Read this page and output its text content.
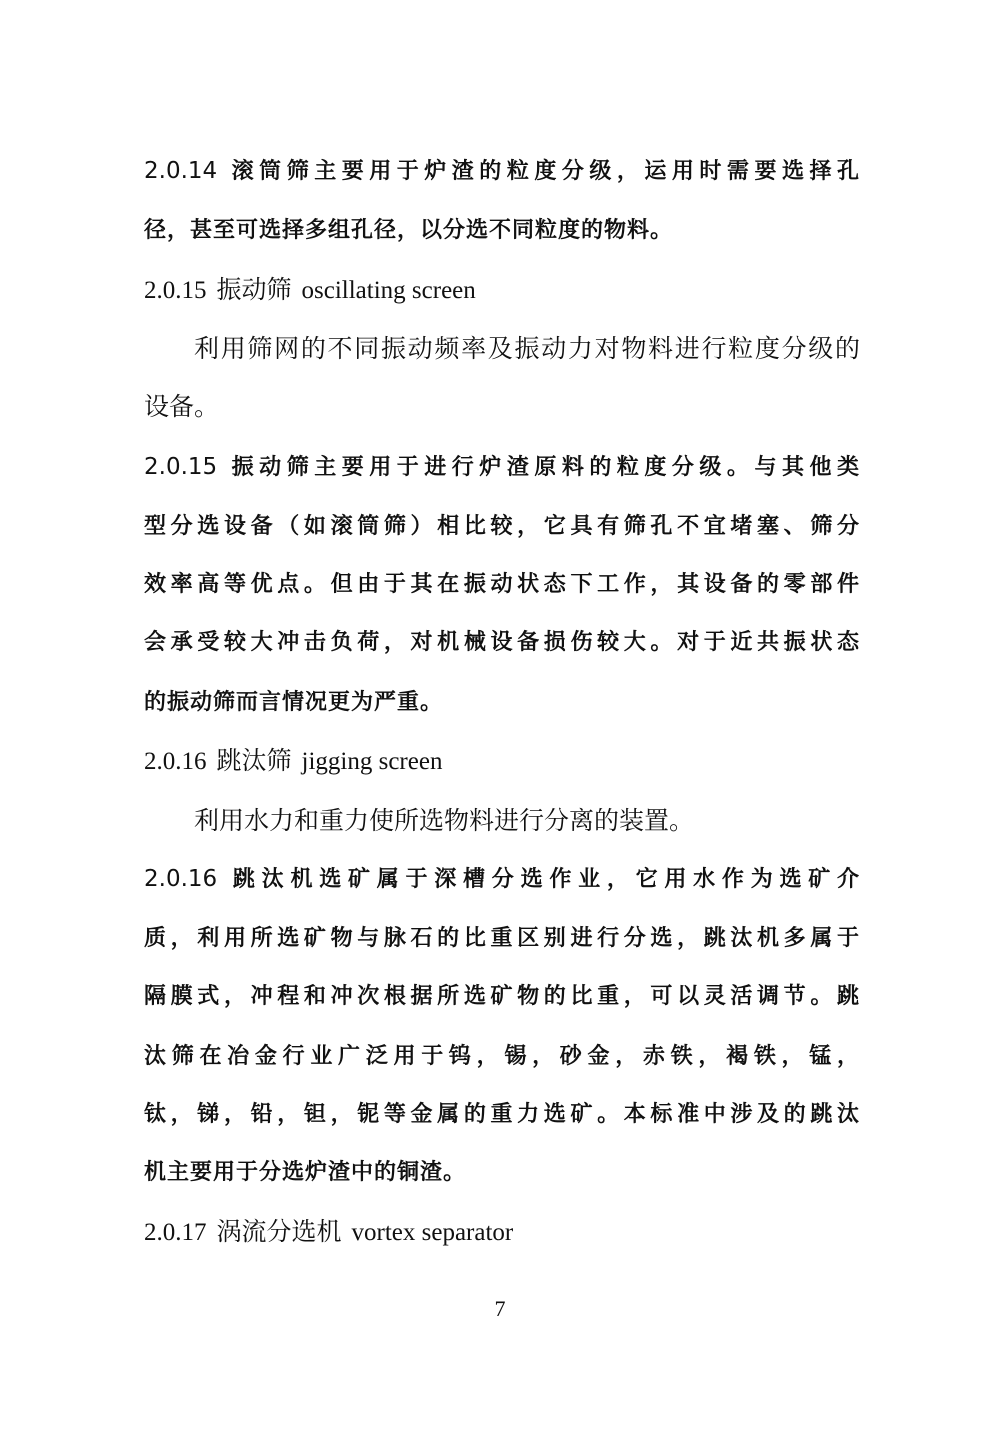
2.0.14 滚筒筛主要用于炉渣的粒度分级，运用时需要选择孔
径，甚至可选择多组孔径，以分选不同粒度的物料。
2.0.15 振动筛 oscillating screen
利用筛网的不同振动频率及振动力对物料进行粒度分级的
设备。
2.0.15 振动筛主要用于进行炉渣原料的粒度分级。与其他类
型分选设备（如滚筒筛）相比较，它具有筛孔不宜堵塞、筛分
效率高等优点。但由于其在振动状态下工作，其设备的零部件
会承受较大冲击负荷，对机械设备损伤较大。对于近共振状态
的振动筛而言情况更为严重。
2.0.16 跳汰筛 jigging screen
利用水力和重力使所选物料进行分离的装置。
2.0.16 跳汰机选矿属于深槽分选作业，它用水作为选矿介
质，利用所选矿物与脉石的比重区别进行分选，跳汰机多属于
隔膜式，冲程和冲次根据所选矿物的比重，可以灵活调节。跳
汰筛在冶金行业广泛用于钨，锡，砂金，赤铁，褐铁，锰，
钛，锑，铅，钽，铌等金属的重力选矿。本标准中涉及的跳汰
机主要用于分选炉渣中的铜渣。
2.0.17 涡流分选机 vortex separator
7
